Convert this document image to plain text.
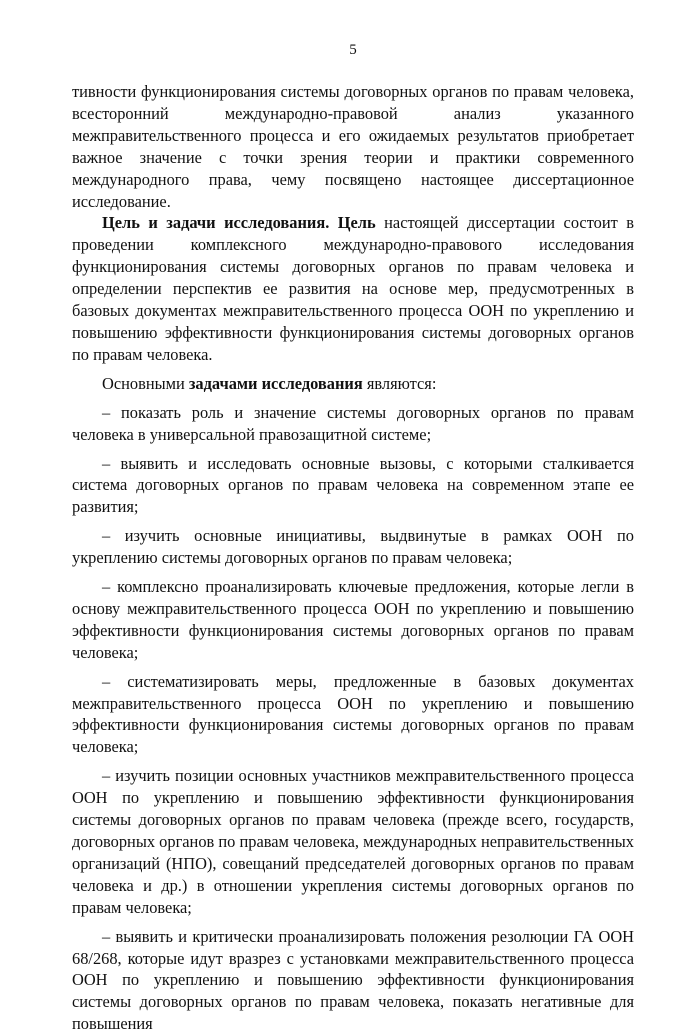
5

тивности функционирования системы договорных органов по правам человека, всесторонний международно-правовой анализ указанного межправительственного процесса и его ожидаемых результатов приобретает важное значение с точки зрения теории и практики современного международного права, чему посвящено настоящее диссертационное исследование.

Цель и задачи исследования. Цель настоящей диссертации состоит в проведении комплексного международно-правового исследования функционирования системы договорных органов по правам человека и определении перспектив ее развития на основе мер, предусмотренных в базовых документах межправительственного процесса ООН по укреплению и повышению эффективности функционирования системы договорных органов по правам человека.

Основными задачами исследования являются:

– показать роль и значение системы договорных органов по правам человека в универсальной правозащитной системе;

– выявить и исследовать основные вызовы, с которыми сталкивается система договорных органов по правам человека на современном этапе ее развития;

– изучить основные инициативы, выдвинутые в рамках ООН по укреплению системы договорных органов по правам человека;

– комплексно проанализировать ключевые предложения, которые легли в основу межправительственного процесса ООН по укреплению и повышению эффективности функционирования системы договорных органов по правам человека;

– систематизировать меры, предложенные в базовых документах межправительственного процесса ООН по укреплению и повышению эффективности функционирования системы договорных органов по правам человека;

– изучить позиции основных участников межправительственного процесса ООН по укреплению и повышению эффективности функционирования системы договорных органов по правам человека (прежде всего, государств, договорных органов по правам человека, международных неправительственных организаций (НПО), совещаний председателей договорных органов по правам человека и др.) в отношении укрепления системы договорных органов по правам человека;

– выявить и критически проанализировать положения резолюции ГА ООН 68/268, которые идут вразрез с установками межправительственного процесса ООН по укреплению и повышению эффективности функционирования системы договорных органов по правам человека, показать негативные для повышения
